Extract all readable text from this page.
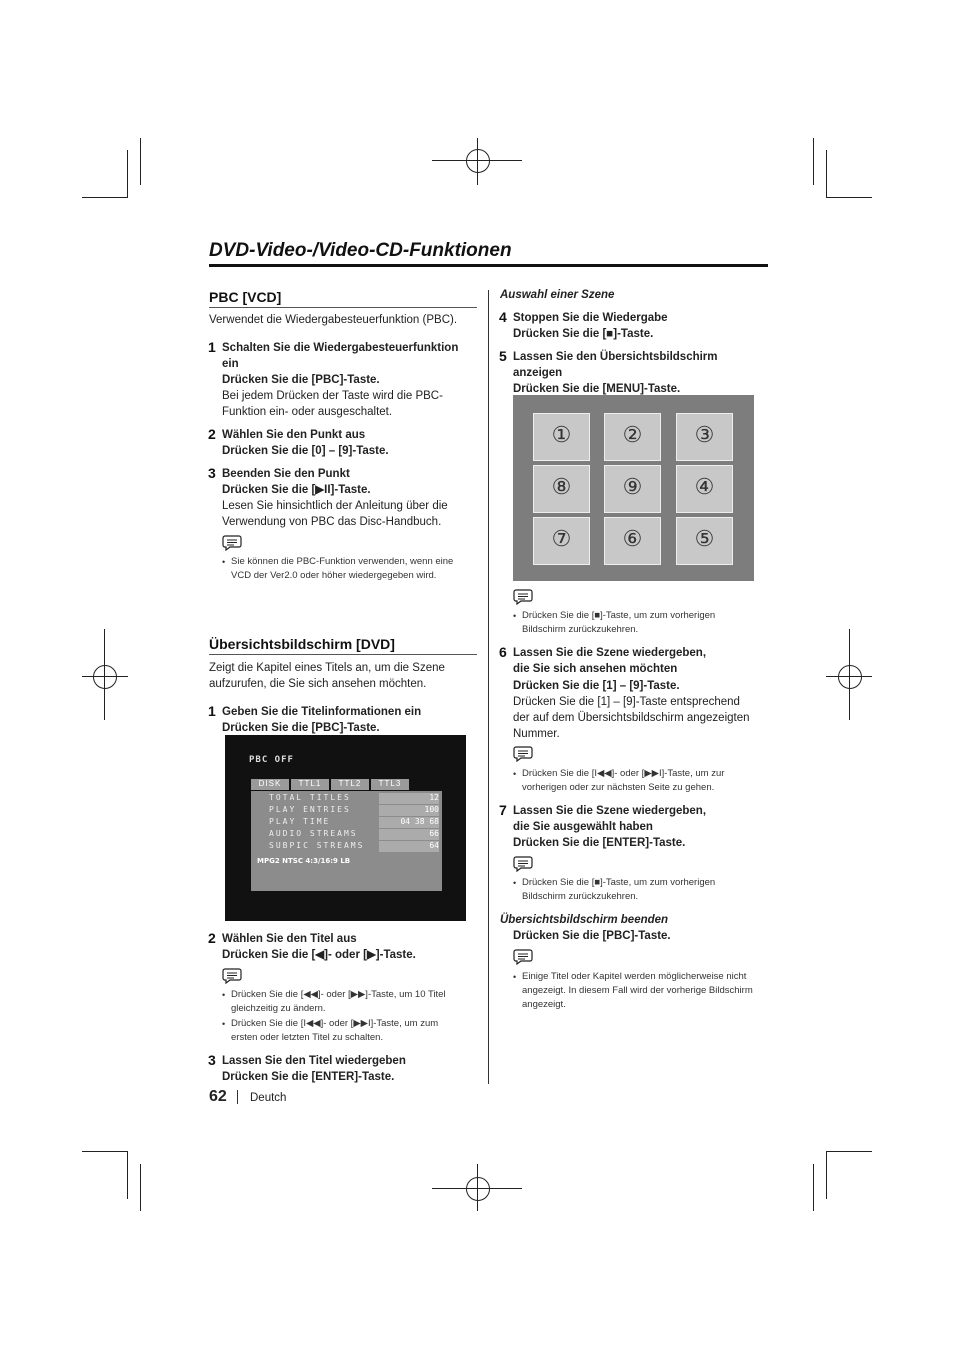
DVD-Video-/Video-CD-Funktionen
PBC [VCD]
Verwendet die Wiedergabesteuerfunktion (PBC).
1 Schalten Sie die Wiedergabesteuerfunktion
ein
Drücken Sie die [PBC]-Taste.
Bei jedem Drücken der Taste wird die PBC-
Funktion ein- oder ausgeschaltet.
2 Wählen Sie den Punkt aus
Drücken Sie die [0] – [9]-Taste.
3 Beenden Sie den Punkt
Drücken Sie die [▶II]-Taste.
Lesen Sie hinsichtlich der Anleitung über die
Verwendung von PBC das Disc-Handbuch.
• Sie können die PBC-Funktion verwenden, wenn eine
VCD der Ver2.0 oder höher wiedergegeben wird.
Übersichtsbildschirm [DVD]
Zeigt die Kapitel eines Titels an, um die Szene
aufzurufen, die Sie sich ansehen möchten.
1 Geben Sie die Titelinformationen ein
Drücken Sie die [PBC]-Taste.
PBC OFF
DISK	TTL1	TTL2	TTL3
TOTAL TITLES	12
PLAY ENTRIES	100
PLAY TIME	04 38 68
AUDIO STREAMS	66
SUBPIC STREAMS	64
MPG2 NTSC 4:3/16:9 LB
2 Wählen Sie den Titel aus
Drücken Sie die [◀]- oder [▶]-Taste.
• Drücken Sie die [◀◀]- oder [▶▶]-Taste, um 10 Titel
gleichzeitig zu ändern.
• Drücken Sie die [I◀◀]- oder [▶▶I]-Taste, um zum
ersten oder letzten Titel zu schalten.
3 Lassen Sie den Titel wiedergeben
Drücken Sie die [ENTER]-Taste.
Auswahl einer Szene
4 Stoppen Sie die Wiedergabe
Drücken Sie die [■]-Taste.
5 Lassen Sie den Übersichtsbildschirm
anzeigen
Drücken Sie die [MENU]-Taste.
①	②	③
⑧	⑨	④
⑦	⑥	⑤
• Drücken Sie die [■]-Taste, um zum vorherigen
Bildschirm zurückzukehren.
6 Lassen Sie die Szene wiedergeben,
die Sie sich ansehen möchten
Drücken Sie die [1] – [9]-Taste.
Drücken Sie die [1] – [9]-Taste entsprechend
der auf dem Übersichtsbildschirm angezeigten
Nummer.
• Drücken Sie die [I◀◀]- oder [▶▶I]-Taste, um zur
vorherigen oder zur nächsten Seite zu gehen.
7 Lassen Sie die Szene wiedergeben,
die Sie ausgewählt haben
Drücken Sie die [ENTER]-Taste.
• Drücken Sie die [■]-Taste, um zum vorherigen
Bildschirm zurückzukehren.
Übersichtsbildschirm beenden
Drücken Sie die [PBC]-Taste.
• Einige Titel oder Kapitel werden möglicherweise nicht
angezeigt. In diesem Fall wird der vorherige Bildschirm
angezeigt.
62 Deutch
